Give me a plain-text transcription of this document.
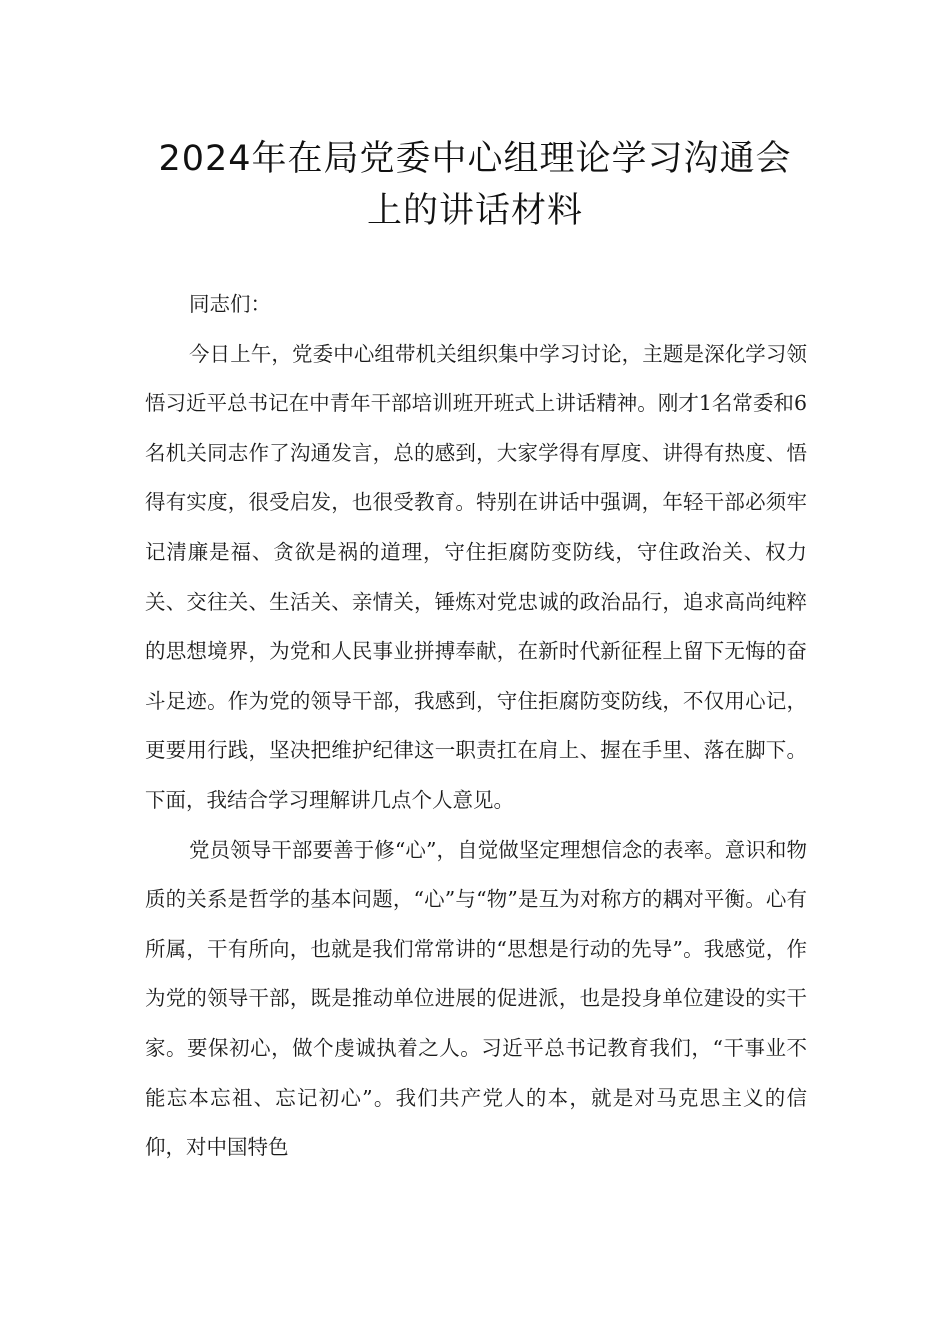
2024年在局党委中心组理论学习沟通会
上的讲话材料

同志们：

今日上午，党委中心组带机关组织集中学习讨论，主题是深化学习领悟习近平总书记在中青年干部培训班开班式上讲话精神。刚才1名常委和6名机关同志作了沟通发言，总的感到，大家学得有厚度、讲得有热度、悟得有实度，很受启发，也很受教育。特别在讲话中强调，年轻干部必须牢记清廉是福、贪欲是祸的道理，守住拒腐防变防线，守住政治关、权力关、交往关、生活关、亲情关，锤炼对党忠诚的政治品行，追求高尚纯粹的思想境界，为党和人民事业拼搏奉献，在新时代新征程上留下无悔的奋斗足迹。作为党的领导干部，我感到，守住拒腐防变防线，不仅用心记，更要用行践，坚决把维护纪律这一职责扛在肩上、握在手里、落在脚下。下面，我结合学习理解讲几点个人意见。

党员领导干部要善于修“心”，自觉做坚定理想信念的表率。意识和物质的关系是哲学的基本问题，“心”与“物”是互为对称方的耦对平衡。心有所属，干有所向，也就是我们常常讲的“思想是行动的先导”。我感觉，作为党的领导干部，既是推动单位进展的促进派，也是投身单位建设的实干家。要保初心，做个虔诚执着之人。习近平总书记教育我们，“干事业不能忘本忘祖、忘记初心”。我们共产党人的本，就是对马克思主义的信仰，对中国特色
